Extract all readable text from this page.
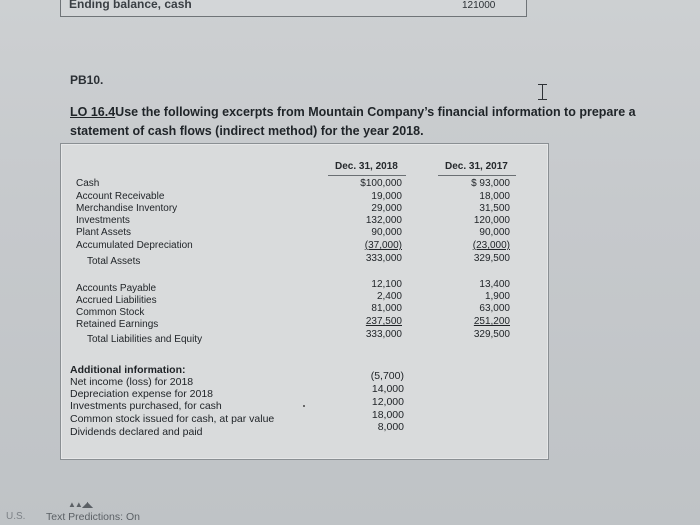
Ending balance, cash	121000
PB10.
LO 16.4Use the following excerpts from Mountain Company’s financial information to prepare a statement of cash flows (indirect method) for the year 2018.
Dec. 31, 2018	Dec. 31, 2017
Cash	$100,000	$ 93,000
Account Receivable	19,000	18,000
Merchandise Inventory	29,000	31,500
Investments	132,000	120,000
Plant Assets	90,000	90,000
Accumulated Depreciation	(37,000)	(23,000)
Total Assets	333,000	329,500
Accounts Payable	12,100	13,400
Accrued Liabilities	2,400	1,900
Common Stock	81,000	63,000
Retained Earnings	237,500	251,200
Total Liabilities and Equity	333,000	329,500
Additional information:
Net income (loss) for 2018	(5,700)
Depreciation expense for 2018	14,000
Investments purchased, for cash	12,000
Common stock issued for cash, at par value	18,000
Dividends declared and paid	8,000
▲▲◢◣
U.S. Text Predictions: On
